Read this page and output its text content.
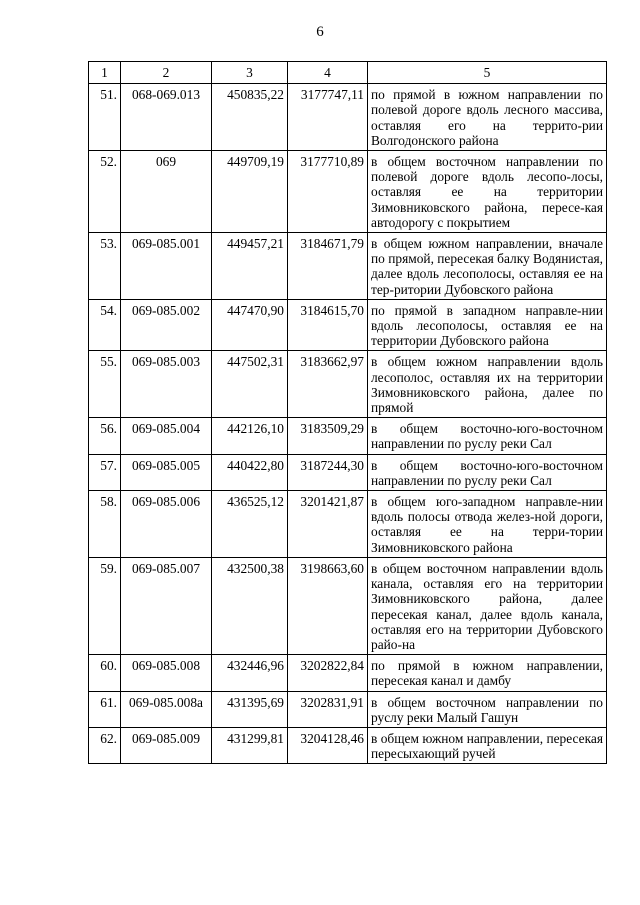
6
1	2	3	4	5
51.	068-069.013	450835,22	3177747,11	по прямой в южном направлении по полевой дороге вдоль лесного массива, оставляя его на террито-рии Волгодонского района
52.	069	449709,19	3177710,89	в общем восточном направлении по полевой дороге вдоль лесопо-лосы, оставляя ее на территории Зимовниковского района, пересе-кая автодорогу с покрытием
53.	069-085.001	449457,21	3184671,79	в общем южном направлении, вначале по прямой, пересекая балку Водянистая, далее вдоль лесополосы, оставляя ее на тер-ритории Дубовского района
54.	069-085.002	447470,90	3184615,70	по прямой в западном направле-нии вдоль лесополосы, оставляя ее на территории Дубовского района
55.	069-085.003	447502,31	3183662,97	в общем южном направлении вдоль лесополос, оставляя их на территории Зимовниковского района, далее по прямой
56.	069-085.004	442126,10	3183509,29	в общем восточно-юго-восточном направлении по руслу реки Сал
57.	069-085.005	440422,80	3187244,30	в общем восточно-юго-восточном направлении по руслу реки Сал
58.	069-085.006	436525,12	3201421,87	в общем юго-западном направле-нии вдоль полосы отвода желез-ной дороги, оставляя ее на терри-тории Зимовниковского района
59.	069-085.007	432500,38	3198663,60	в общем восточном направлении вдоль канала, оставляя его на территории Зимовниковского района, далее пересекая канал, далее вдоль канала, оставляя его на территории Дубовского райо-на
60.	069-085.008	432446,96	3202822,84	по прямой в южном направлении, пересекая канал и дамбу
61.	069-085.008а	431395,69	3202831,91	в общем восточном направлении по руслу реки Малый Гашун
62.	069-085.009	431299,81	3204128,46	в общем южном направлении, пересекая пересыхающий ручей
